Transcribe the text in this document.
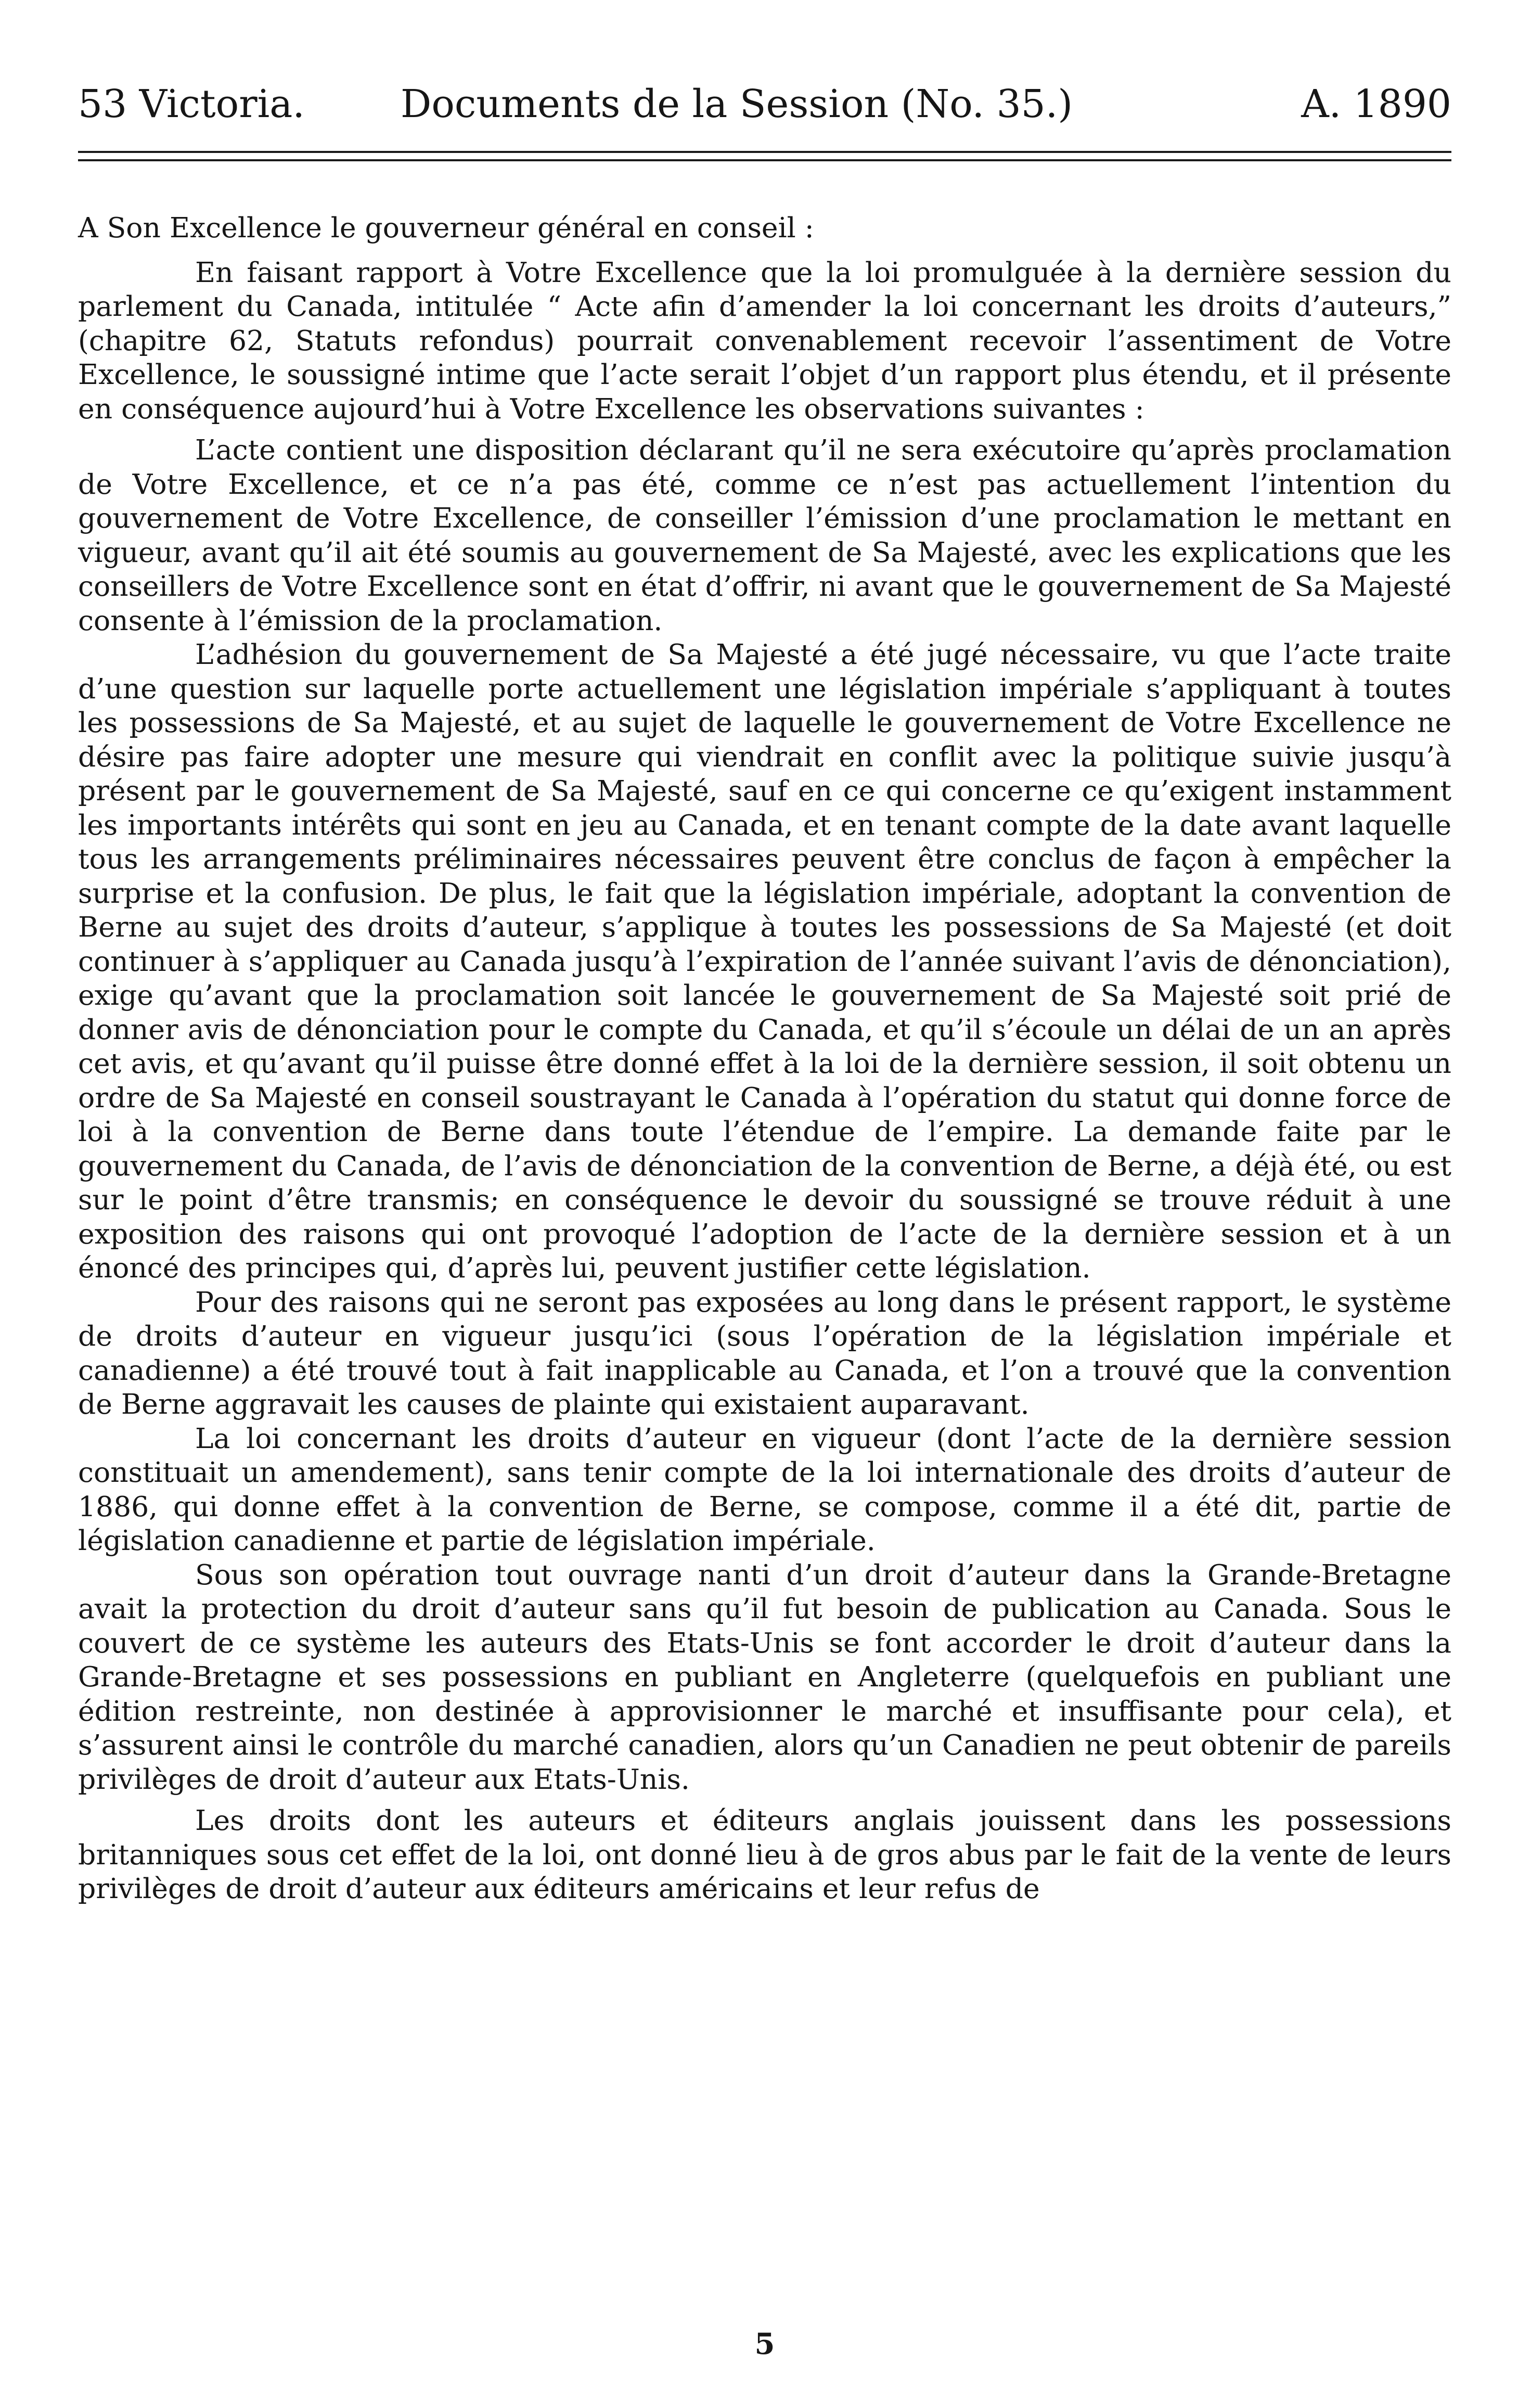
53 Victoria. Documents de la Session (No. 35.)	A. 1890

A Son Excellence le gouverneur général en conseil :

En faisant rapport à Votre Excellence que la loi promulguée à la dernière session du parlement du Canada, intitulée “ Acte afin d’amender la loi concernant les droits d’auteurs,” (chapitre 62, Statuts refondus) pourrait convenablement recevoir l’assentiment de Votre Excellence, le soussigné intime que l’acte serait l’objet d’un rapport plus étendu, et il présente en conséquence aujourd’hui à Votre Excellence les observations suivantes :

L’acte contient une disposition déclarant qu’il ne sera exécutoire qu’après proclamation de Votre Excellence, et ce n’a pas été, comme ce n’est pas actuellement l’intention du gouvernement de Votre Excellence, de conseiller l’émission d’une proclamation le mettant en vigueur, avant qu’il ait été soumis au gouvernement de Sa Majesté, avec les explications que les conseillers de Votre Excellence sont en état d’offrir, ni avant que le gouvernement de Sa Majesté consente à l’émission de la proclamation.

L’adhésion du gouvernement de Sa Majesté a été jugé nécessaire, vu que l’acte traite d’une question sur laquelle porte actuellement une législation impériale s’appliquant à toutes les possessions de Sa Majesté, et au sujet de laquelle le gouvernement de Votre Excellence ne désire pas faire adopter une mesure qui viendrait en conflit avec la politique suivie jusqu’à présent par le gouvernement de Sa Majesté, sauf en ce qui concerne ce qu’exigent instamment les importants intérêts qui sont en jeu au Canada, et en tenant compte de la date avant laquelle tous les arrangements préliminaires nécessaires peuvent être conclus de façon à empêcher la surprise et la confusion. De plus, le fait que la législation impériale, adoptant la convention de Berne au sujet des droits d’auteur, s’applique à toutes les possessions de Sa Majesté (et doit continuer à s’appliquer au Canada jusqu’à l’expiration de l’année suivant l’avis de dénonciation), exige qu’avant que la proclamation soit lancée le gouvernement de Sa Majesté soit prié de donner avis de dénonciation pour le compte du Canada, et qu’il s’écoule un délai de un an après cet avis, et qu’avant qu’il puisse être donné effet à la loi de la dernière session, il soit obtenu un ordre de Sa Majesté en conseil soustrayant le Canada à l’opération du statut qui donne force de loi à la convention de Berne dans toute l’étendue de l’empire. La demande faite par le gouvernement du Canada, de l’avis de dénonciation de la convention de Berne, a déjà été, ou est sur le point d’être transmis; en conséquence le devoir du soussigné se trouve réduit à une exposition des raisons qui ont provoqué l’adoption de l’acte de la dernière session et à un énoncé des principes qui, d’après lui, peuvent justifier cette législation.

Pour des raisons qui ne seront pas exposées au long dans le présent rapport, le système de droits d’auteur en vigueur jusqu’ici (sous l’opération de la législation impériale et canadienne) a été trouvé tout à fait inapplicable au Canada, et l’on a trouvé que la convention de Berne aggravait les causes de plainte qui existaient auparavant.

La loi concernant les droits d’auteur en vigueur (dont l’acte de la dernière session constituait un amendement), sans tenir compte de la loi internationale des droits d’auteur de 1886, qui donne effet à la convention de Berne, se compose, comme il a été dit, partie de législation canadienne et partie de législation impériale.

Sous son opération tout ouvrage nanti d’un droit d’auteur dans la Grande-Bretagne avait la protection du droit d’auteur sans qu’il fut besoin de publication au Canada. Sous le couvert de ce système les auteurs des Etats-Unis se font accorder le droit d’auteur dans la Grande-Bretagne et ses possessions en publiant en Angleterre (quelquefois en publiant une édition restreinte, non destinée à approvisionner le marché et insuffisante pour cela), et s’assurent ainsi le contrôle du marché canadien, alors qu’un Canadien ne peut obtenir de pareils privilèges de droit d’auteur aux Etats-Unis.

Les droits dont les auteurs et éditeurs anglais jouissent dans les possessions britanniques sous cet effet de la loi, ont donné lieu à de gros abus par le fait de la vente de leurs privilèges de droit d’auteur aux éditeurs américains et leur refus de

5
